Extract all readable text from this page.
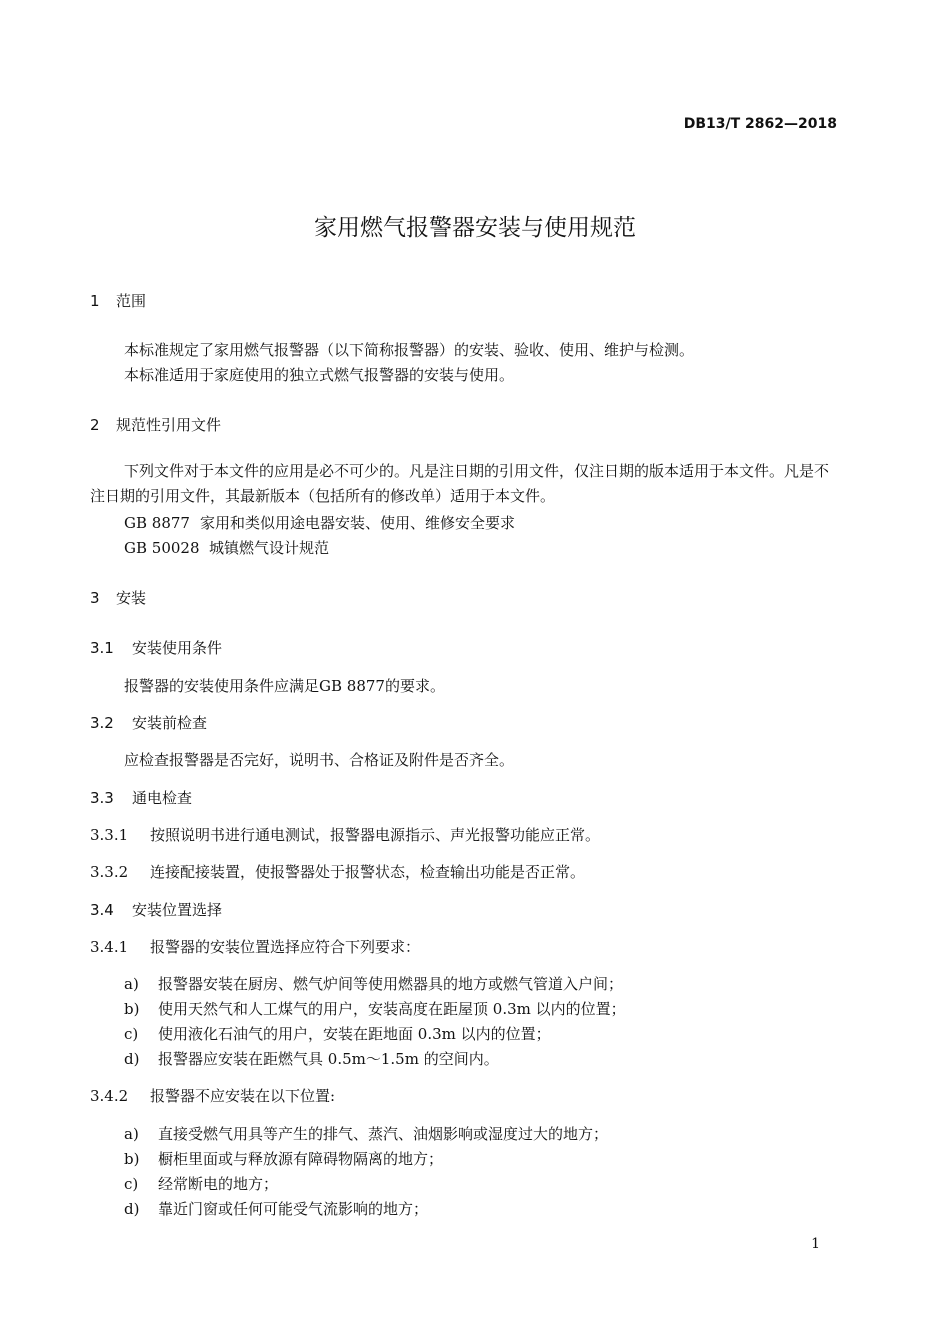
DB13/T 2862—2018
家用燃气报警器安装与使用规范
1 范围
本标准规定了家用燃气报警器（以下简称报警器）的安装、验收、使用、维护与检测。
本标准适用于家庭使用的独立式燃气报警器的安装与使用。
2 规范性引用文件
下列文件对于本文件的应用是必不可少的。凡是注日期的引用文件，仅注日期的版本适用于本文件。凡是不注日期的引用文件，其最新版本（包括所有的修改单）适用于本文件。
GB 8877 家用和类似用途电器安装、使用、维修安全要求
GB 50028 城镇燃气设计规范
3 安装
3.1 安装使用条件
报警器的安装使用条件应满足GB 8877的要求。
3.2 安装前检查
应检查报警器是否完好，说明书、合格证及附件是否齐全。
3.3 通电检查
3.3.1 按照说明书进行通电测试，报警器电源指示、声光报警功能应正常。
3.3.2 连接配接装置，使报警器处于报警状态，检查输出功能是否正常。
3.4 安装位置选择
3.4.1 报警器的安装位置选择应符合下列要求：
a) 报警器安装在厨房、燃气炉间等使用燃器具的地方或燃气管道入户间；
b) 使用天然气和人工煤气的用户，安装高度在距屋顶 0.3m 以内的位置；
c) 使用液化石油气的用户，安装在距地面 0.3m 以内的位置；
d) 报警器应安装在距燃气具 0.5m～1.5m 的空间内。
3.4.2 报警器不应安装在以下位置:
a) 直接受燃气用具等产生的排气、蒸汽、油烟影响或湿度过大的地方；
b) 橱柜里面或与释放源有障碍物隔离的地方；
c) 经常断电的地方；
d) 靠近门窗或任何可能受气流影响的地方；
1
